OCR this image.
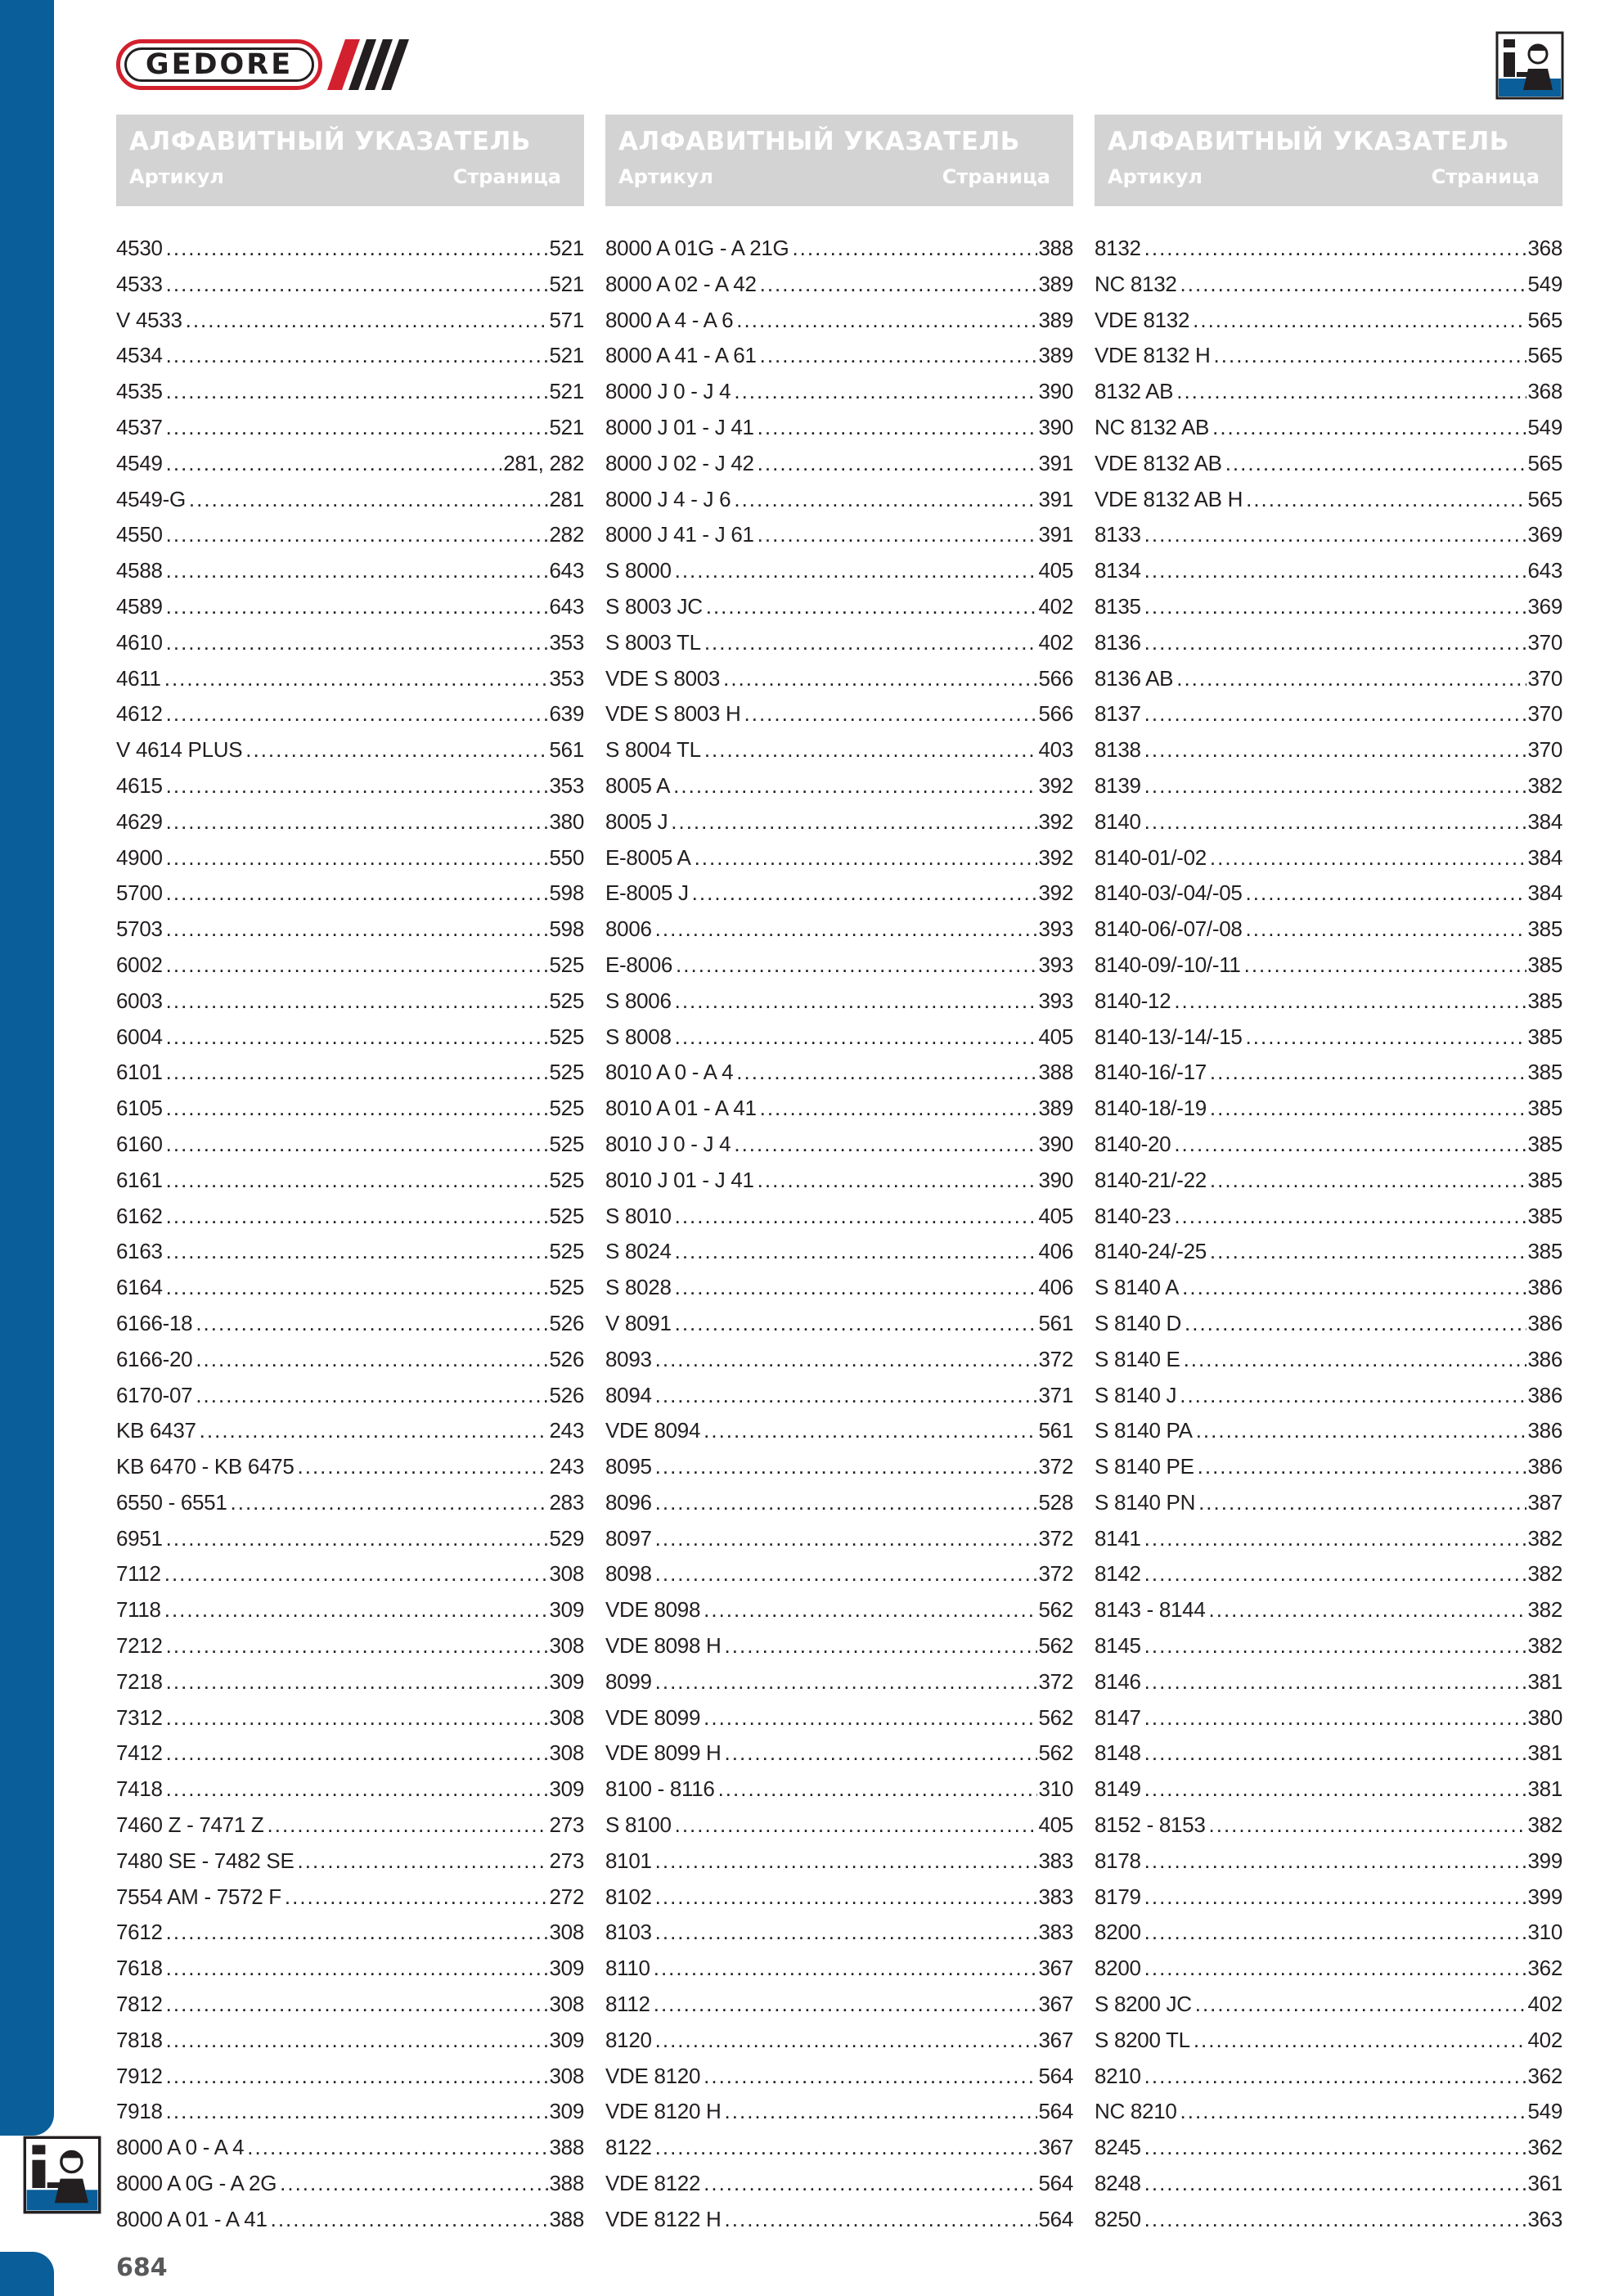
GEDORE
АЛФАВИТНЫЙ УКАЗАТЕЛЬ
Артикул	Страница
4530 .....	521
4533 .....	521
V 4533 .....	571
4534 .....	521
4535 .....	521
4537 .....	521
4549 .....	281, 282
4549-G .....	281
4550 .....	282
4588 .....	643
4589 .....	643
4610 .....	353
4611 .....	353
4612 .....	639
V 4614 PLUS .....	561
4615 .....	353
4629 .....	380
4900 .....	550
5700 .....	598
5703 .....	598
6002 .....	525
6003 .....	525
6004 .....	525
6101 .....	525
6105 .....	525
6160 .....	525
6161 .....	525
6162 .....	525
6163 .....	525
6164 .....	525
6166-18 .....	526
6166-20 .....	526
6170-07 .....	526
KB 6437 .....	243
KB 6470 - KB 6475 .....	243
6550 - 6551 .....	283
6951 .....	529
7112 .....	308
7118 .....	309
7212 .....	308
7218 .....	309
7312 .....	308
7412 .....	308
7418 .....	309
7460 Z - 7471 Z .....	273
7480 SE - 7482 SE .....	273
7554 AM - 7572 F .....	272
7612 .....	308
7618 .....	309
7812 .....	308
7818 .....	309
7912 .....	308
7918 .....	309
8000 A 0 - A 4 .....	388
8000 A 0G - A 2G .....	388
8000 A 01 - A 41 .....	388
АЛФАВИТНЫЙ УКАЗАТЕЛЬ
Артикул	Страница
8000 A 01G - A 21G .....	388
8000 A 02 - A 42 .....	389
8000 A 4 - A 6 .....	389
8000 A 41 - A 61 .....	389
8000 J 0 - J 4 .....	390
8000 J 01 - J 41 .....	390
8000 J 02 - J 42 .....	391
8000 J 4 - J 6 .....	391
8000 J 41 - J 61 .....	391
S 8000 .....	405
S 8003 JC .....	402
S 8003 TL .....	402
VDE S 8003 .....	566
VDE S 8003 H .....	566
S 8004 TL .....	403
8005 A .....	392
8005 J .....	392
E-8005 A .....	392
E-8005 J .....	392
8006 .....	393
E-8006 .....	393
S 8006 .....	393
S 8008 .....	405
8010 A 0 - A 4 .....	388
8010 A 01 - A 41 .....	389
8010 J 0 - J 4 .....	390
8010 J 01 - J 41 .....	390
S 8010 .....	405
S 8024 .....	406
S 8028 .....	406
V 8091 .....	561
8093 .....	372
8094 .....	371
VDE 8094 .....	561
8095 .....	372
8096 .....	528
8097 .....	372
8098 .....	372
VDE 8098 .....	562
VDE 8098 H .....	562
8099 .....	372
VDE 8099 .....	562
VDE 8099 H .....	562
8100 - 8116 .....	310
S 8100 .....	405
8101 .....	383
8102 .....	383
8103 .....	383
8110 .....	367
8112 .....	367
8120 .....	367
VDE 8120 .....	564
VDE 8120 H .....	564
8122 .....	367
VDE 8122 .....	564
VDE 8122 H .....	564
АЛФАВИТНЫЙ УКАЗАТЕЛЬ
Артикул	Страница
8132 .....	368
NC 8132 .....	549
VDE 8132 .....	565
VDE 8132 H .....	565
8132 AB .....	368
NC 8132 AB .....	549
VDE 8132 AB .....	565
VDE 8132 AB H .....	565
8133 .....	369
8134 .....	643
8135 .....	369
8136 .....	370
8136 AB .....	370
8137 .....	370
8138 .....	370
8139 .....	382
8140 .....	384
8140-01/-02 .....	384
8140-03/-04/-05 .....	384
8140-06/-07/-08 .....	385
8140-09/-10/-11 .....	385
8140-12 .....	385
8140-13/-14/-15 .....	385
8140-16/-17 .....	385
8140-18/-19 .....	385
8140-20 .....	385
8140-21/-22 .....	385
8140-23 .....	385
8140-24/-25 .....	385
S 8140 A .....	386
S 8140 D .....	386
S 8140 E .....	386
S 8140 J .....	386
S 8140 PA .....	386
S 8140 PE .....	386
S 8140 PN .....	387
8141 .....	382
8142 .....	382
8143 - 8144 .....	382
8145 .....	382
8146 .....	381
8147 .....	380
8148 .....	381
8149 .....	381
8152 - 8153 .....	382
8178 .....	399
8179 .....	399
8200 .....	310
8200 .....	362
S 8200 JC .....	402
S 8200 TL .....	402
8210 .....	362
NC 8210 .....	549
8245 .....	362
8248 .....	361
8250 .....	363
684
